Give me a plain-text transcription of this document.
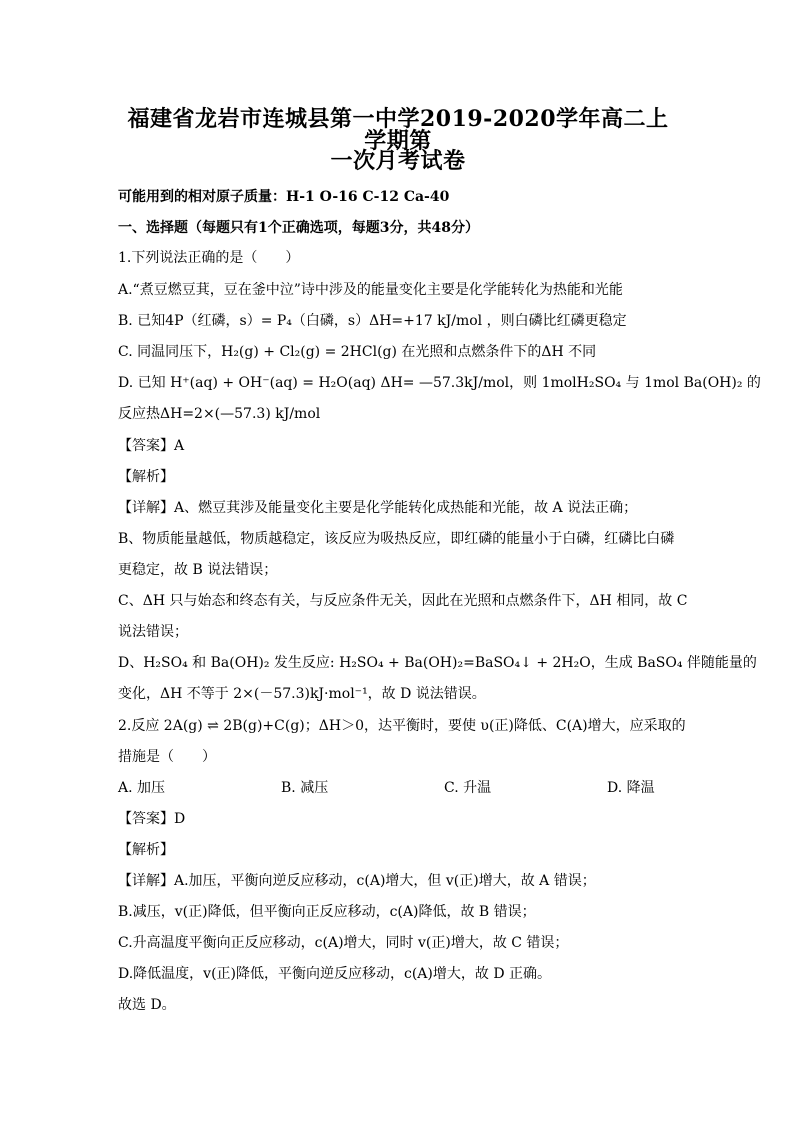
福建省龙岩市连城县第一中学2019-2020学年高二上学期第
一次月考试卷
可能用到的相对原子质量：H-1 O-16 C-12 Ca-40
一、选择题（每题只有1个正确选项，每题3分，共48分）
1.下列说法正确的是（　　）
A.“煮豆燃豆萁，豆在釜中泣”诗中涉及的能量变化主要是化学能转化为热能和光能
B. 已知4P（红磷，s）= P₄（白磷，s）ΔH=+17 kJ/mol ，则白磷比红磷更稳定
C. 同温同压下，H₂(g) + Cl₂(g) = 2HCl(g) 在光照和点燃条件下的ΔH 不同
D. 已知 H⁺(aq) + OH⁻(aq) = H₂O(aq) ΔH= —57.3kJ/mol，则 1molH₂SO₄ 与 1mol Ba(OH)₂ 的
反应热ΔH=2×(—57.3) kJ/mol
【答案】A
【解析】
【详解】A、燃豆萁涉及能量变化主要是化学能转化成热能和光能，故 A 说法正确；
B、物质能量越低，物质越稳定，该反应为吸热反应，即红磷的能量小于白磷，红磷比白磷
更稳定，故 B 说法错误；
C、ΔH 只与始态和终态有关，与反应条件无关，因此在光照和点燃条件下，ΔH 相同，故 C
说法错误；
D、H₂SO₄ 和 Ba(OH)₂ 发生反应: H₂SO₄ + Ba(OH)₂=BaSO₄↓ + 2H₂O，生成 BaSO₄ 伴随能量的
变化，ΔH 不等于 2×(－57.3)kJ·mol⁻¹，故 D 说法错误。
2.反应 2A(g) ⇌ 2B(g)+C(g)；ΔH＞0，达平衡时，要使 υ(正)降低、C(A)增大，应采取的
措施是（　　）
A. 加压	B. 减压	C. 升温	D. 降温
【答案】D
【解析】
【详解】A.加压，平衡向逆反应移动，c(A)增大，但 v(正)增大，故 A 错误；
B.减压，v(正)降低，但平衡向正反应移动，c(A)降低，故 B 错误；
C.升高温度平衡向正反应移动，c(A)增大，同时 v(正)增大，故 C 错误；
D.降低温度，v(正)降低，平衡向逆反应移动，c(A)增大，故 D 正确。
故选 D。
